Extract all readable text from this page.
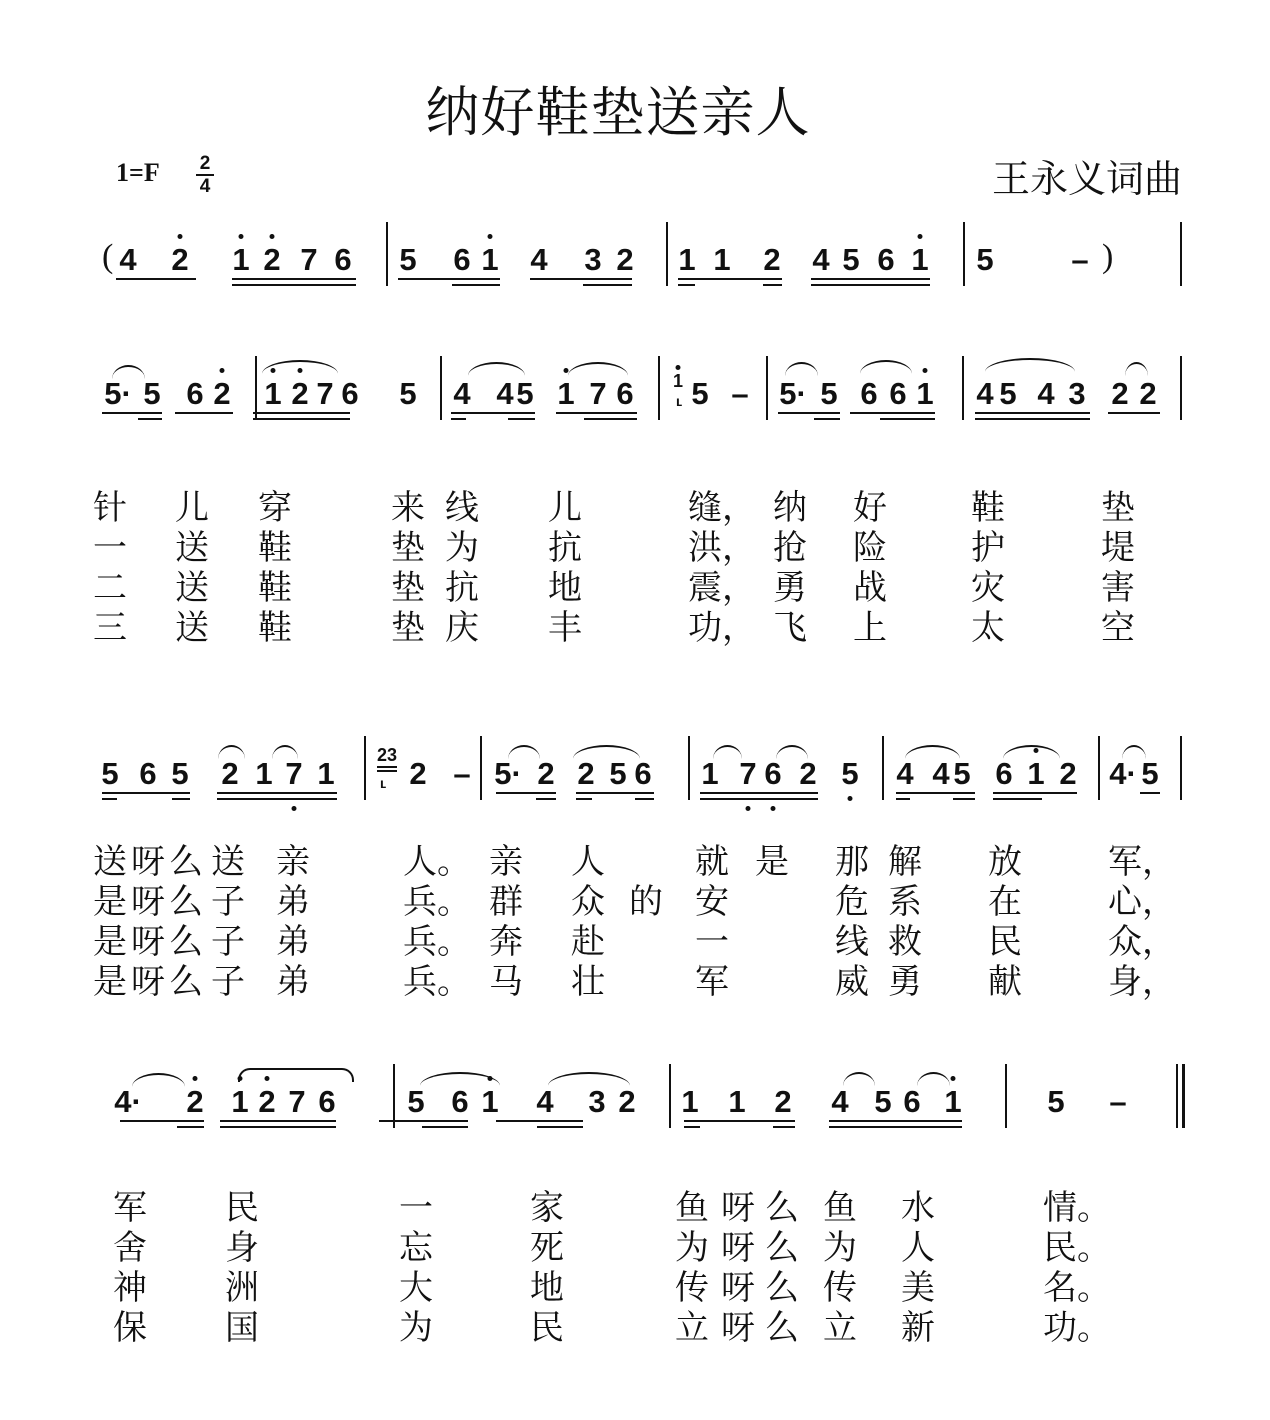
纳好鞋垫送亲人
王永义词曲
1=F 2
4
( 4 2 1 2 7 6 5 6 1 4 3 2 1 1 2 4 5 6 1 5	– )
5· 5 6 2 1 2 7 6 5 4 4 5 1 7 6 5 – 5· 5 6 6 1 4 5 4 3 2 2
1
ʟ
5 6 5 2 1 7 1 2 – 5· 2 2 5 6 1 7 6 2 5 4 4 5 6 1 2 4· 5
23
ʟ
4· 2 1 2 7 6 5 6 1 4 3 2 1 1 2 4 5 6 1	5 –
针 儿 穿	来 线 儿	缝， 纳 好 鞋	垫
一 送 鞋	垫 为 抗	洪， 抢 险 护	堤
二 送 鞋	垫 抗 地	震， 勇 战 灾	害
三 送 鞋	垫 庆 丰	功， 飞 上 太	空
送 呀 么 送 亲	人。 亲 人	就 是 那 解 放	军，
是 呀 么 子 弟	兵。 群 众 的 安	危 系 在	心，
是 呀 么 子 弟	兵。 奔 赴	一	线 救 民	众，
是 呀 么 子 弟	兵。 马 壮	军	威 勇 献	身，
军 民	一	家	鱼 呀 么 鱼 水	情。
舍 身	忘	死	为 呀 么 为 人	民。
神 洲	大	地	传 呀 么 传 美	名。
保 国	为	民	立 呀 么 立 新	功。
